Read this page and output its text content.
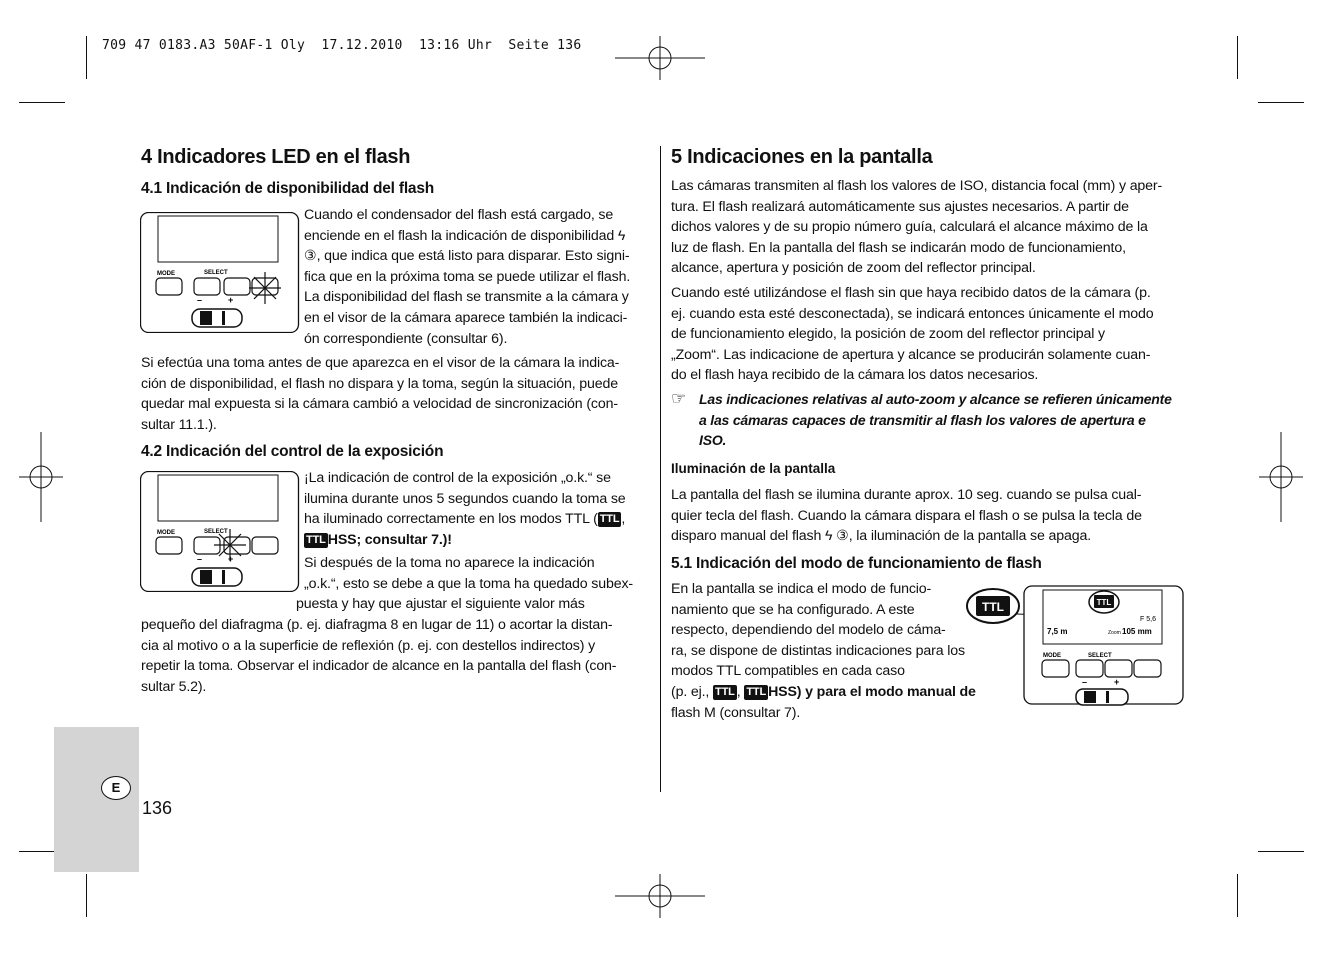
709 47 0183.A3 50AF-1 Oly  17.12.2010  13:16 Uhr  Seite 136
E
136
4 Indicadores LED en el flash
4.1 Indicación de disponibilidad del flash
MODE	SELECT
–	+
Cuando el condensador del flash está cargado, se
enciende en el flash la indicación de disponibilidad ϟ
③, que indica que está listo para disparar. Esto signi-
fica que en la próxima toma se puede utilizar el flash.
La disponibilidad del flash se transmite a la cámara y
en el visor de la cámara aparece también la indicaci-
ón correspondiente (consultar 6).
Si efectúa una toma antes de que aparezca en el visor de la cámara la indica-
ción de disponibilidad, el flash no dispara y la toma, según la situación, puede
quedar mal expuesta si la cámara cambió a velocidad de sincronización (con-
sultar 11.1.).
4.2 Indicación del control de la exposición
MODE	SELECT
–	+
¡La indicación de control de la exposición „o.k.“ se
ilumina durante unos 5 segundos cuando la toma se
ha iluminado correctamente en los modos TTL ( TTL ,
TTL HSS; consultar 7.)!
Si después de la toma no aparece la indicación
„o.k.“, esto se debe a que la toma ha quedado subex-
puesta y hay que ajustar el siguiente valor más
pequeño del diafragma (p. ej. diafragma 8 en lugar de 11) o acortar la distan-
cia al motivo o a la superficie de reflexión (p. ej. con destellos indirectos) y
repetir la toma. Observar el indicador de alcance en la pantalla del flash (con-
sultar 5.2).
5 Indicaciones en la pantalla
Las cámaras transmiten al flash los valores de ISO, distancia focal (mm) y aper-
tura. El flash realizará automáticamente sus ajustes necesarios. A partir de
dichos valores y de su propio número guía, calculará el alcance máximo de la
luz de flash. En la pantalla del flash se indicarán modo de funcionamiento,
alcance, apertura y posición de zoom del reflector principal.
Cuando esté utilizándose el flash sin que haya recibido datos de la cámara (p.
ej. cuando esta esté desconectada), se indicará entonces únicamente el modo
de funcionamiento elegido, la posición de zoom del reflector principal y
„Zoom“. Las indicacione de apertura y alcance se producirán solamente cuan-
do el flash haya recibido de la cámara los datos necesarios.
☞ Las indicaciones relativas al auto-zoom y alcance se refieren únicamente
a las cámaras capaces de transmitir al flash los valores de apertura e
ISO.
Iluminación de la pantalla
La pantalla del flash se ilumina durante aprox. 10 seg. cuando se pulsa cual-
quier tecla del flash. Cuando la cámara dispara el flash o se pulsa la tecla de
disparo manual del flash ϟ ③, la iluminación de la pantalla se apaga.
5.1 Indicación del modo de funcionamiento de flash
En la pantalla se indica el modo de funcio-
namiento que se ha configurado. A este
respecto, dependiendo del modelo de cáma-
ra, se dispone de distintas indicaciones para los
modos TTL compatibles en cada caso
(p. ej., TTL , TTL HSS) y para el modo manual de
flash M (consultar 7).
TTL	TTL
F 5,6
7,5 m	Zoom 105 mm
MODE	SELECT
–	+
